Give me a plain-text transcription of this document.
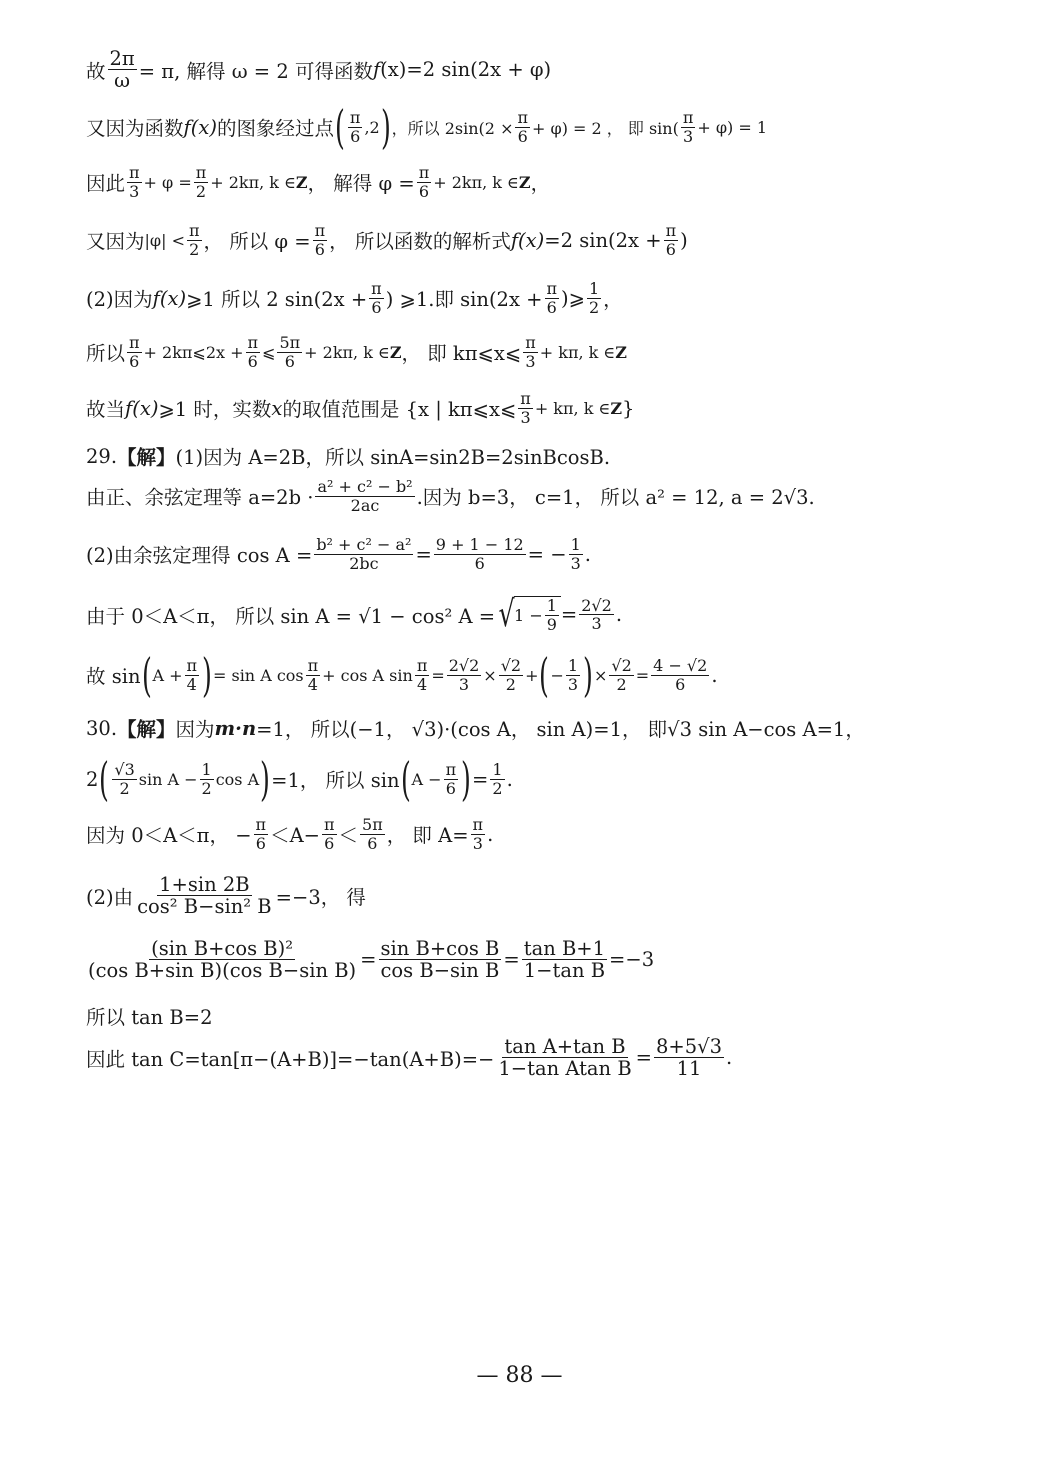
故 $\frac{2\pi}{\omega} = \pi$, 解得 ω = 2 可得函数 f (x)=2 sin(2x + φ)
又因为函数 f(x) 的图象经过点 ( $\frac{\pi}{6} ,2$ ) ，所以 $2\sin(2 \times \frac{\pi}{6} + \varphi) = 2$ ， 即 $\sin( \frac{\pi}{3} + \varphi) = 1$
因此 $\frac{\pi}{3} + \varphi = \frac{\pi}{2} + 2k\pi$, k ∈ Z ， 解得 $\varphi = \frac{\pi}{6} + 2k\pi$, k ∈ Z ，
又因为 $|\varphi| < \frac{\pi}{2}$ ， 所以 $\varphi = \frac{\pi}{6}$ ， 所以函数的解析式 f(x) =2 $\sin(2x + \frac{\pi}{6}$ )
(2)因为 f(x) ⩾1 所以 2 $\sin(2x + \frac{\pi}{6}$ ) ⩾1.即 $\sin(2x + \frac{\pi}{6}$ )⩾ $\frac{1}{2}$ ，
所以 $\frac{\pi}{6}$ + 2kπ⩽2x + $\frac{\pi}{6}$ ⩽ $\frac{5\pi}{6} + 2k\pi$, k ∈ Z ， 即 kπ⩽x⩽ $\frac{\pi}{3} + k\pi$, k ∈ Z
故当 f(x) ⩾1 时，实数 x 的取值范围是 {x | kπ⩽x⩽ $\frac{\pi}{3} + k\pi$, k ∈ Z }
29. 【解】 (1)因为 A=2B，所以 sinA=sin2B=2sinBcosB.
由正、余弦定理等 $a=2b \cdot \frac{\text{a² + c² − b²}}{2ac}$ .因为 b=3， c=1， 所以 a² = 12, a = 2√3.
(2)由余弦定理得 $\cos A = \frac{\text{b² + c² − a²}}{2bc} = \frac{9 + 1 - 12}{6}$ = − $\frac{1}{3}$ .
由于 0＜A＜π， 所以 sin A = √1 − cos² A = √ $1 - \frac{1}{9} = \frac{2√2}{3}$ .
故 sin ( $A + \frac{\pi}{4}$ ) = sin A $\cos \frac{\pi}{4} + \cos A$ $\sin \frac{\pi}{4} = \frac{2√2}{3} \times \frac{√2}{2}$ + ( − $\frac{1}{3}$ ) × $\frac{√2}{2} = \frac{4 - √2}{6}$ .
30. 【解】 因为 m·n =1， 所以(−1， √3)·(cos A， sin A)=1， 即√3 sin A−cos A=1，
2 ( $\frac{√3}{2}$ $\sin A - \frac{1}{2}$ cos A ) =1， 所以 sin ( $A - \frac{\pi}{6}$ ) = $\frac{1}{2}$ .
因为 0＜A＜π， − $\frac{\pi}{6} <A- \frac{\pi}{6} < \frac{5\pi}{6}$ ， 即 $A= \frac{\pi}{3}$ .
(2)由 $\frac{1+\sin 2B}{\text{cos² B−sin² B}} =-3$， 得
$\frac{\text{(sin B+cos B)²}}{\text{(cos B+sin B)(cos B−sin B)}} = \frac{\text{sin B+cos B}}{\text{cos B−sin B}} = \frac{\text{tan B+1}}{\text{1−tan B}} =-3$
所以 tan B=2
因此 $\tan C=\tan[\pi-(A+B)]=-\tan(A+B)=- \frac{\text{tan A+tan B}}{\text{1−tan Atan B}} = \frac{8+5√3}{11}$ .
— 88 —
